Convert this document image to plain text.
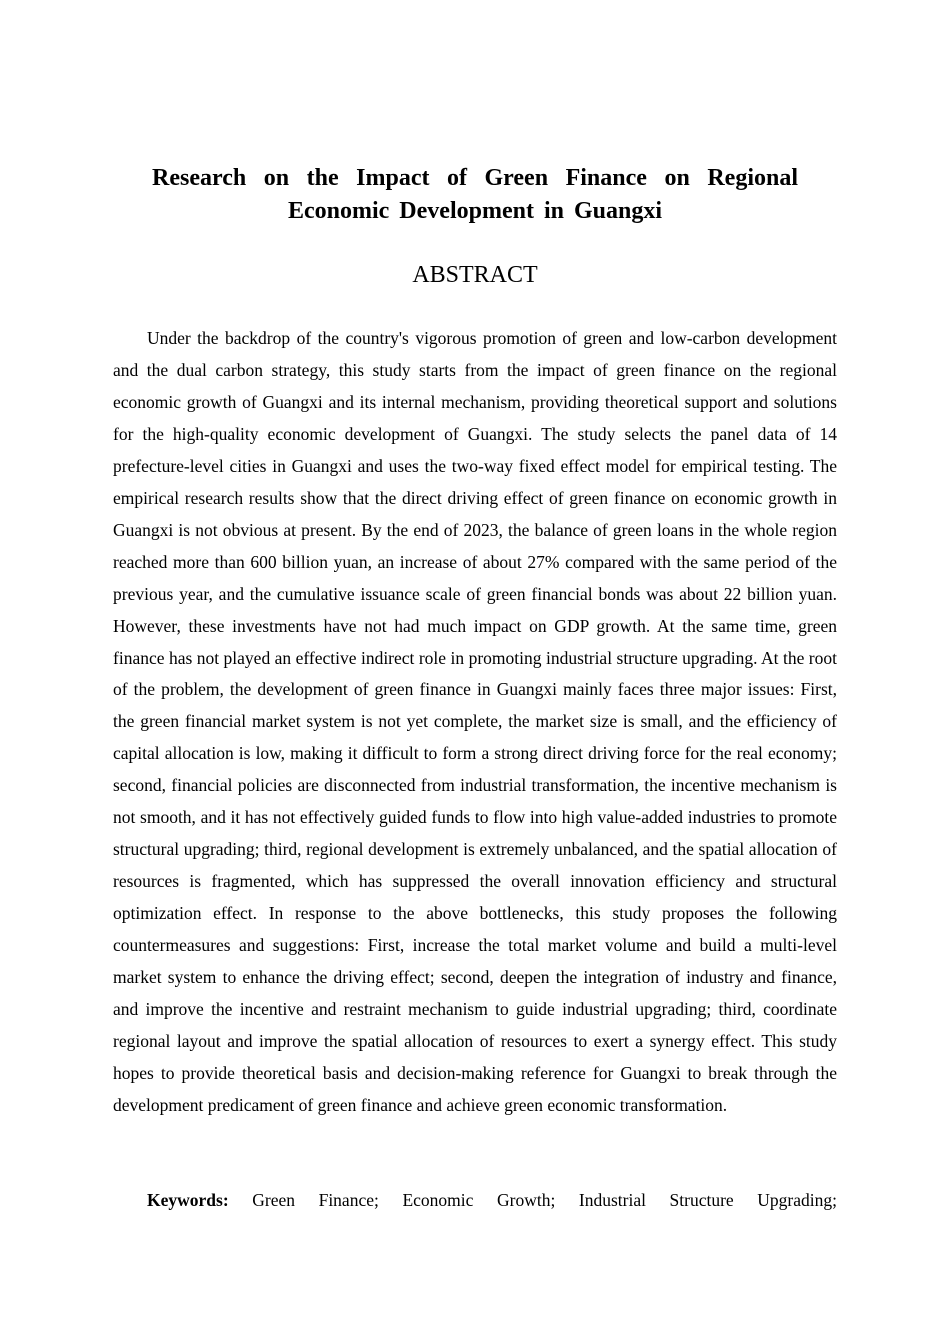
Research on the Impact of Green Finance on Regional
Economic Development in Guangxi
ABSTRACT

Under the backdrop of the country's vigorous promotion of green and low-carbon development and the dual carbon strategy, this study starts from the impact of green finance on the regional economic growth of Guangxi and its internal mechanism, providing theoretical support and solutions for the high-quality economic development of Guangxi. The study selects the panel data of 14 prefecture-level cities in Guangxi and uses the two-way fixed effect model for empirical testing. The empirical research results show that the direct driving effect of green finance on economic growth in Guangxi is not obvious at present. By the end of 2023, the balance of green loans in the whole region reached more than 600 billion yuan, an increase of about 27% compared with the same period of the previous year, and the cumulative issuance scale of green financial bonds was about 22 billion yuan. However, these investments have not had much impact on GDP growth. At the same time, green finance has not played an effective indirect role in promoting industrial structure upgrading. At the root of the problem, the development of green finance in Guangxi mainly faces three major issues: First, the green financial market system is not yet complete, the market size is small, and the efficiency of capital allocation is low, making it difficult to form a strong direct driving force for the real economy; second, financial policies are disconnected from industrial transformation, the incentive mechanism is not smooth, and it has not effectively guided funds to flow into high value-added industries to promote structural upgrading; third, regional development is extremely unbalanced, and the spatial allocation of resources is fragmented, which has suppressed the overall innovation efficiency and structural optimization effect. In response to the above bottlenecks, this study proposes the following countermeasures and suggestions: First, increase the total market volume and build a multi-level market system to enhance the driving effect; second, deepen the integration of industry and finance, and improve the incentive and restraint mechanism to guide industrial upgrading; third, coordinate regional layout and improve the spatial allocation of resources to exert a synergy effect. This study hopes to provide theoretical basis and decision-making reference for Guangxi to break through the development predicament of green finance and achieve green economic transformation.

Keywords: Green Finance; Economic Growth; Industrial Structure Upgrading;
